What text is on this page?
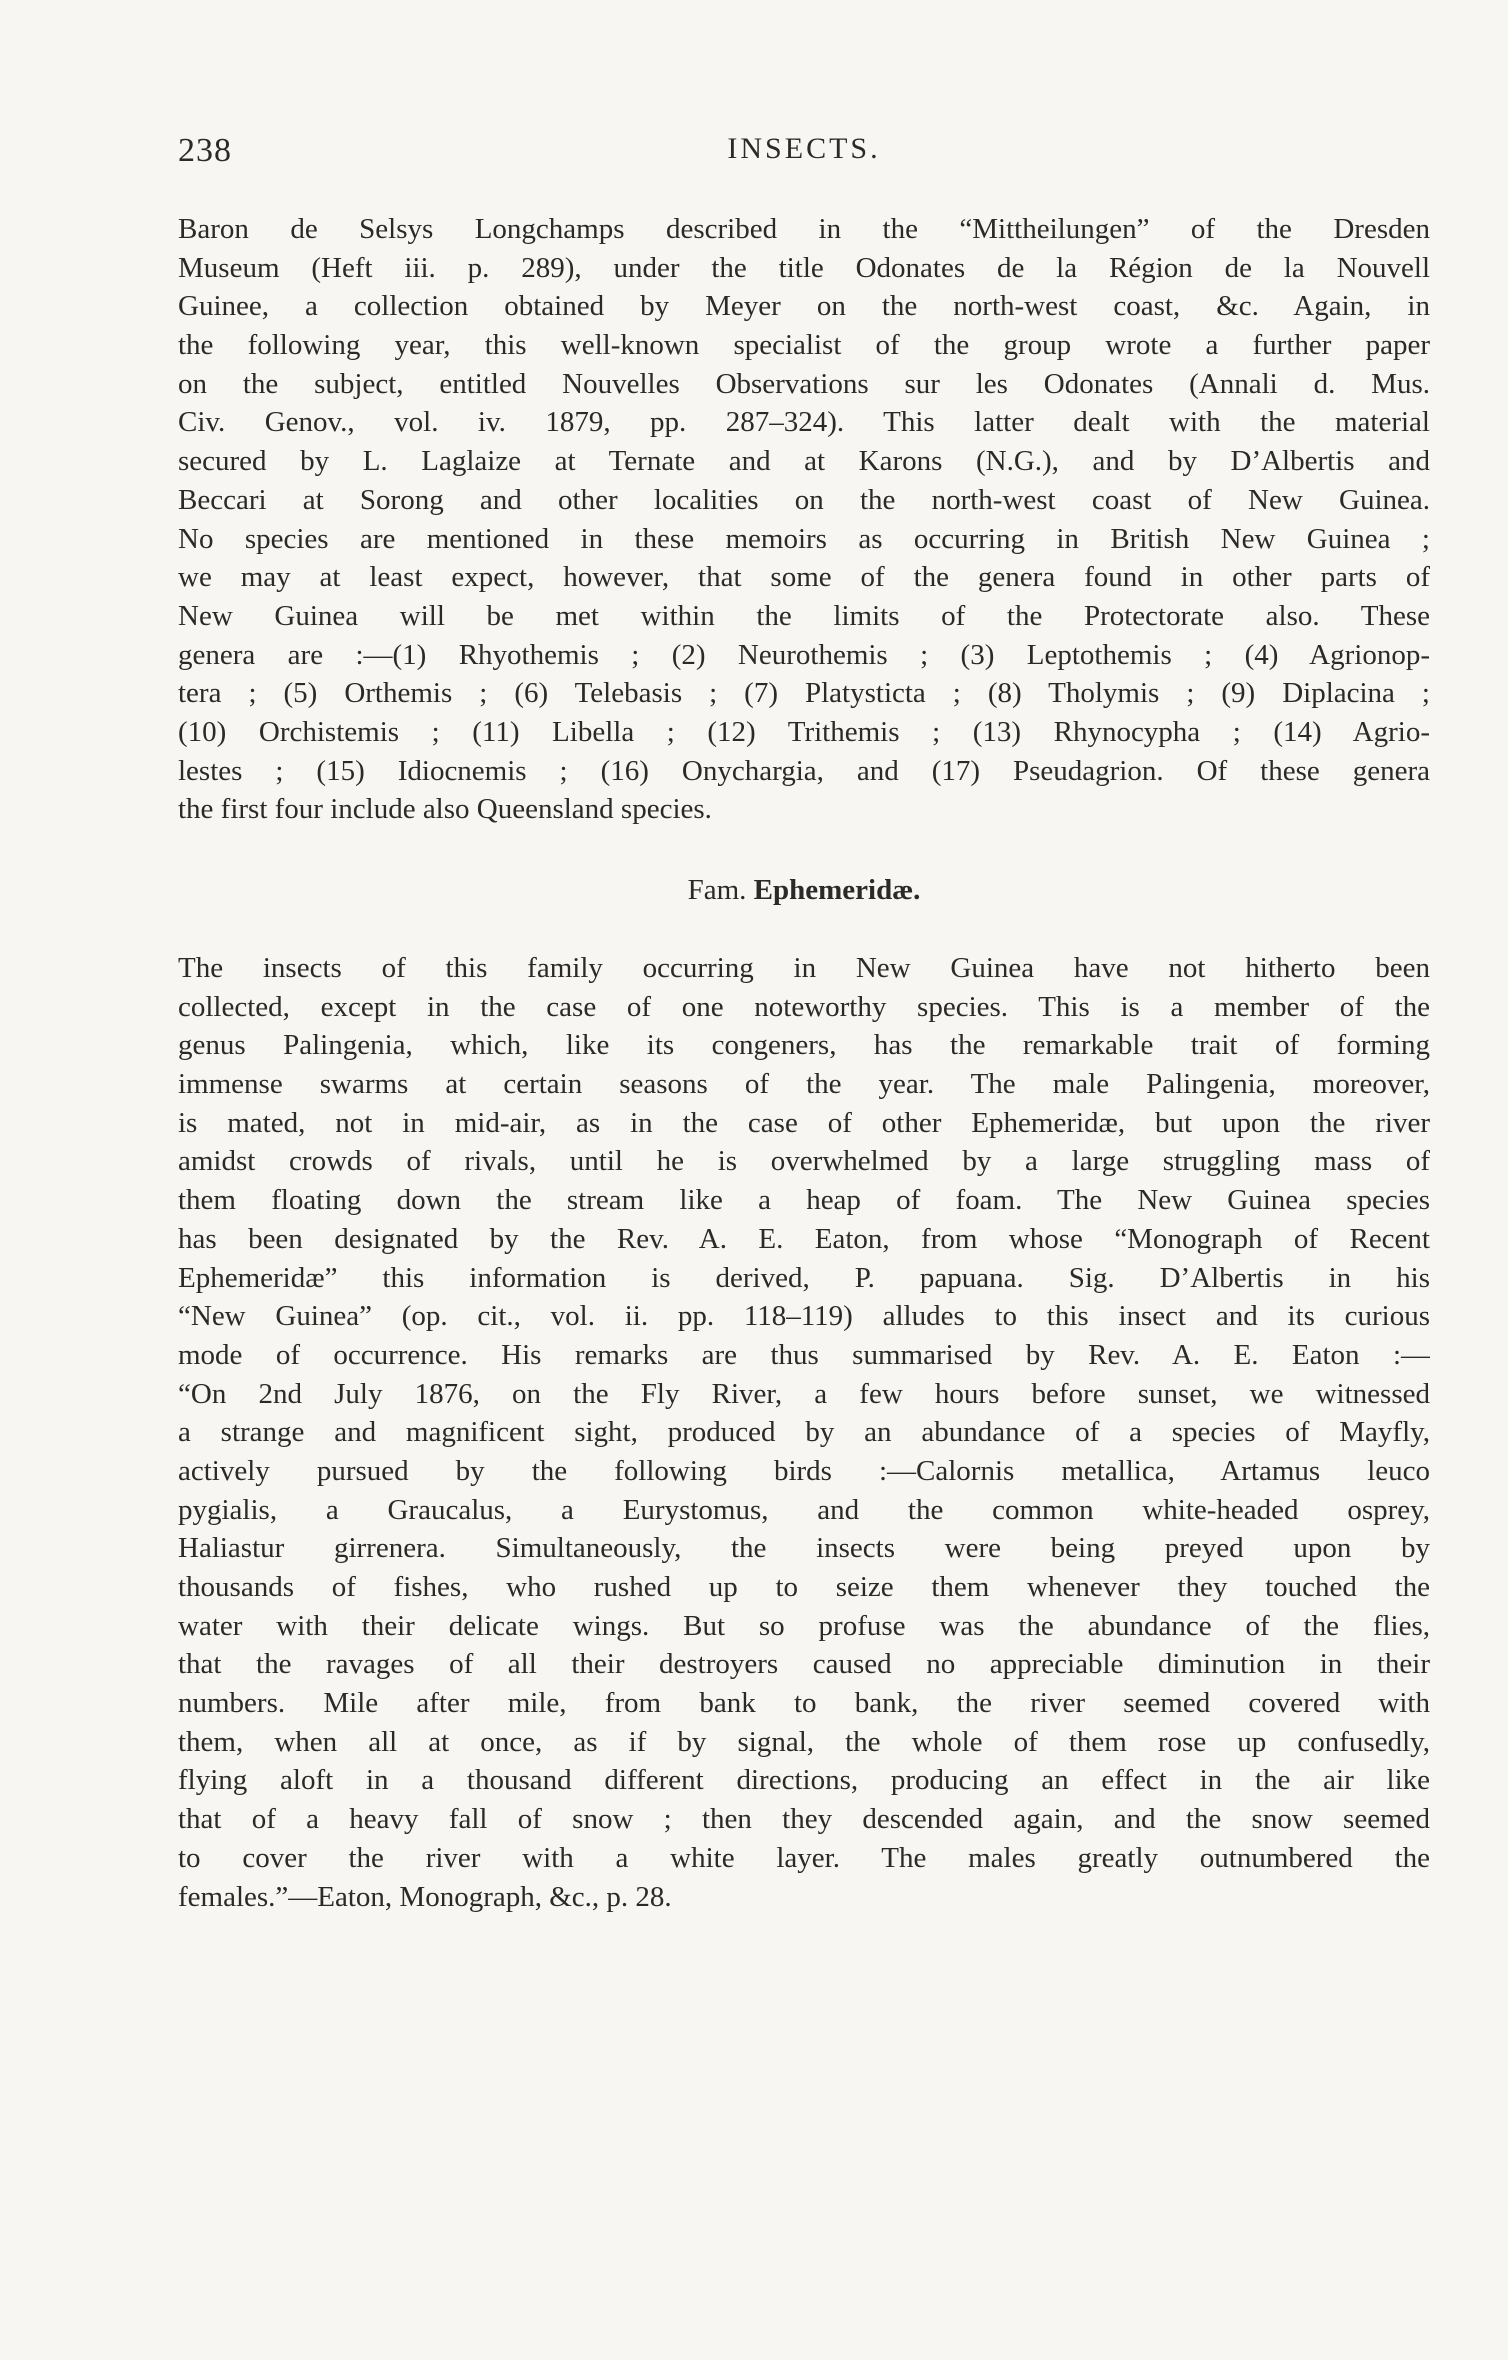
238	INSECTS.
Baron de Selsys Longchamps described in the “Mittheilungen” of the Dresden
Museum (Heft iii. p. 289), under the title Odonates de la Région de la Nouvell
Guinee, a collection obtained by Meyer on the north-west coast, &c. Again, in
the following year, this well-known specialist of the group wrote a further paper
on the subject, entitled Nouvelles Observations sur les Odonates (Annali d. Mus.
Civ. Genov., vol. iv. 1879, pp. 287–324). This latter dealt with the material
secured by L. Laglaize at Ternate and at Karons (N.G.), and by D’Albertis and
Beccari at Sorong and other localities on the north-west coast of New Guinea.
No species are mentioned in these memoirs as occurring in British New Guinea ;
we may at least expect, however, that some of the genera found in other parts of
New Guinea will be met within the limits of the Protectorate also. These
genera are :—(1) Rhyothemis ; (2) Neurothemis ; (3) Leptothemis ; (4) Agrionop-
tera ; (5) Orthemis ; (6) Telebasis ; (7) Platysticta ; (8) Tholymis ; (9) Diplacina ;
(10) Orchistemis ; (11) Libella ; (12) Trithemis ; (13) Rhynocypha ; (14) Agrio-
lestes ; (15) Idiocnemis ; (16) Onychargia, and (17) Pseudagrion. Of these genera
the first four include also Queensland species.
Fam. Ephemeridæ.
The insects of this family occurring in New Guinea have not hitherto been
collected, except in the case of one noteworthy species. This is a member of the
genus Palingenia, which, like its congeners, has the remarkable trait of forming
immense swarms at certain seasons of the year. The male Palingenia, moreover,
is mated, not in mid-air, as in the case of other Ephemeridæ, but upon the river
amidst crowds of rivals, until he is overwhelmed by a large struggling mass of
them floating down the stream like a heap of foam. The New Guinea species
has been designated by the Rev. A. E. Eaton, from whose “Monograph of Recent
Ephemeridæ” this information is derived, P. papuana. Sig. D’Albertis in his
“New Guinea” (op. cit., vol. ii. pp. 118–119) alludes to this insect and its curious
mode of occurrence. His remarks are thus summarised by Rev. A. E. Eaton :—
“On 2nd July 1876, on the Fly River, a few hours before sunset, we witnessed
a strange and magnificent sight, produced by an abundance of a species of Mayfly,
actively pursued by the following birds :—Calornis metallica, Artamus leuco
pygialis, a Graucalus, a Eurystomus, and the common white-headed osprey,
Haliastur girrenera. Simultaneously, the insects were being preyed upon by
thousands of fishes, who rushed up to seize them whenever they touched the
water with their delicate wings. But so profuse was the abundance of the flies,
that the ravages of all their destroyers caused no appreciable diminution in their
numbers. Mile after mile, from bank to bank, the river seemed covered with
them, when all at once, as if by signal, the whole of them rose up confusedly,
flying aloft in a thousand different directions, producing an effect in the air like
that of a heavy fall of snow ; then they descended again, and the snow seemed
to cover the river with a white layer. The males greatly outnumbered the
females.”—Eaton, Monograph, &c., p. 28.
